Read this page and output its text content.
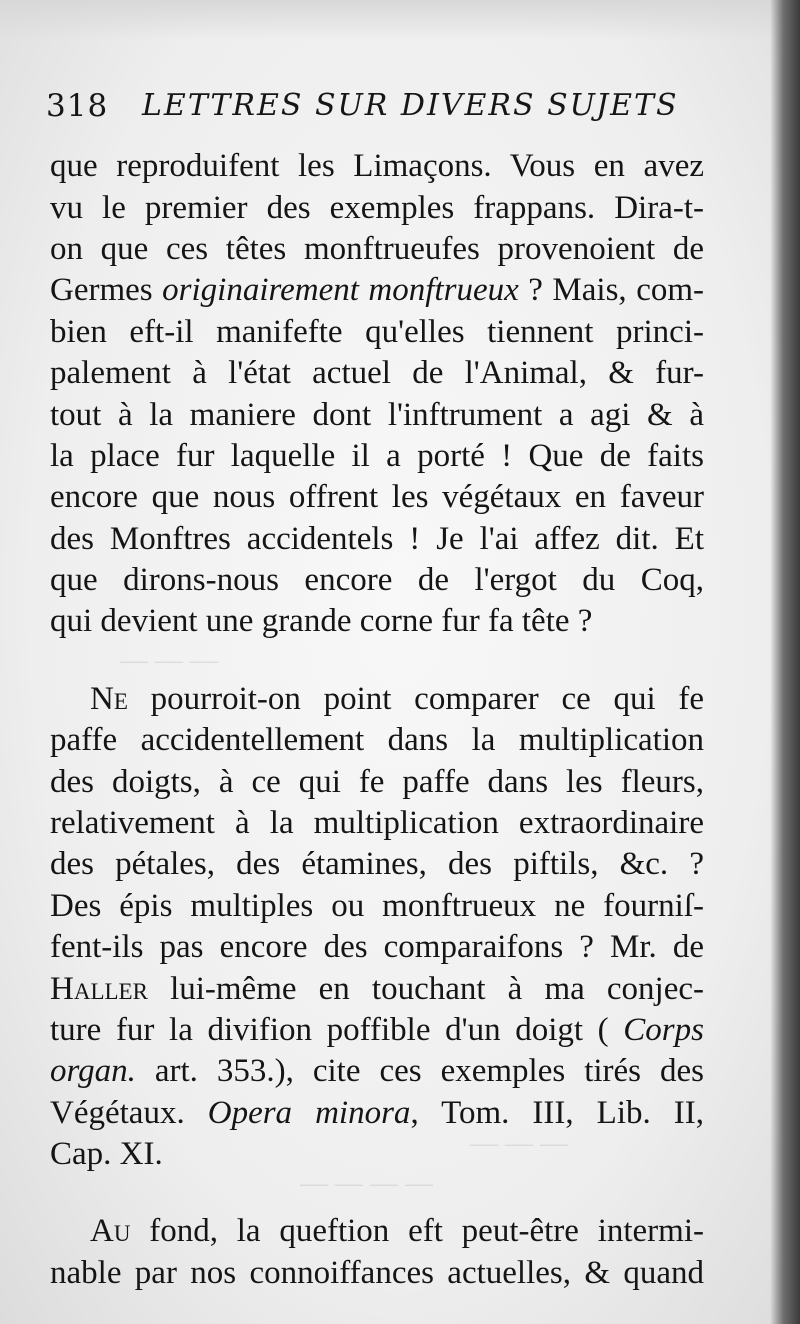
318 LETTRES SUR DIVERS SUJETS
que reproduifent les Limaçons. Vous en avez
vu le premier des exemples frappans. Dira-t-
on que ces têtes monftrueufes provenoient de
Germes originairement monftrueux ? Mais, com-
bien eft-il manifefte qu'elles tiennent princi-
palement à l'état actuel de l'Animal, & fur-
tout à la maniere dont l'inftrument a agi & à
la place fur laquelle il a porté ! Que de faits
encore que nous offrent les végétaux en faveur
des Monftres accidentels ! Je l'ai affez dit. Et
que dirons-nous encore de l'ergot du Coq,
qui devient une grande corne fur fa tête ?
— — —
Ne pourroit-on point comparer ce qui fe
paffe accidentellement dans la multiplication
des doigts, à ce qui fe paffe dans les fleurs,
relativement à la multiplication extraordinaire
des pétales, des étamines, des piftils, &c. ?
Des épis multiples ou monftrueux ne fourniſ-
fent-ils pas encore des comparaifons ? Mr. de
Haller lui-même en touchant à ma conjec-
ture fur la divifion poffible d'un doigt ( Corps
organ. art. 353.), cite ces exemples tirés des
Végétaux. Opera minora, Tom. III, Lib. II,
Cap. XI.	— — —
— — — —
Au fond, la queftion eft peut-être intermi-
nable par nos connoiffances actuelles, & quand
